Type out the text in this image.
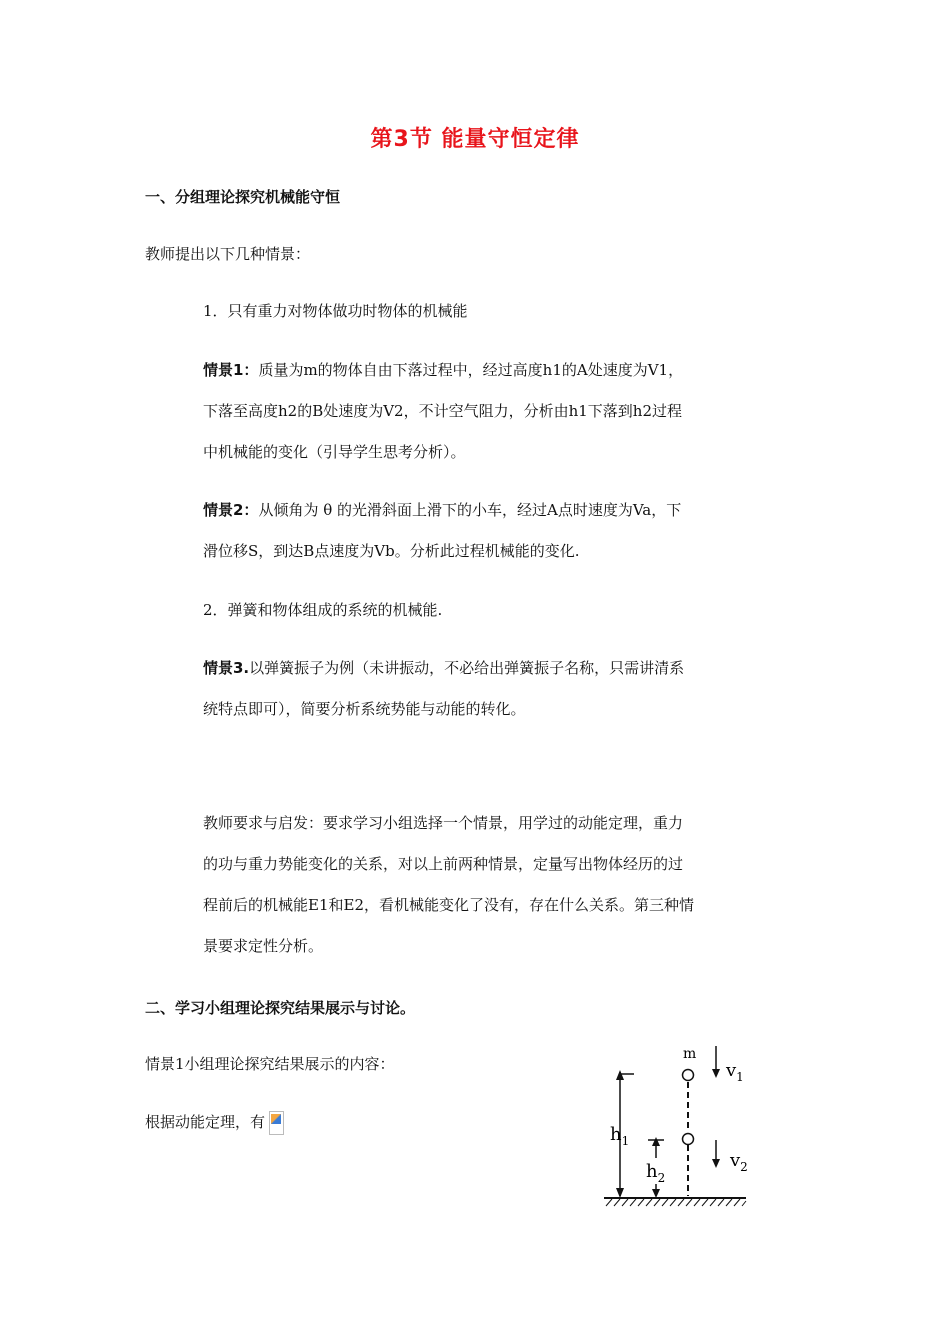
第3节 能量守恒定律
一、分组理论探究机械能守恒
教师提出以下几种情景：
1．只有重力对物体做功时物体的机械能
情景1：质量为m的物体自由下落过程中，经过高度h1的A处速度为V1，
下落至高度h2的B处速度为V2，不计空气阻力，分析由h1下落到h2过程
中机械能的变化（引导学生思考分析）。
情景2：从倾角为 θ 的光滑斜面上滑下的小车，经过A点时速度为Va，下
滑位移S，到达B点速度为Vb。分析此过程机械能的变化.
2．弹簧和物体组成的系统的机械能.
情景3.以弹簧振子为例（未讲振动，不必给出弹簧振子名称，只需讲清系
统特点即可），简要分析系统势能与动能的转化。
教师要求与启发：要求学习小组选择一个情景，用学过的动能定理，重力
的功与重力势能变化的关系，对以上前两种情景，定量写出物体经历的过
程前后的机械能E1和E2，看机械能变化了没有，存在什么关系。第三种情
景要求定性分析。
二、学习小组理论探究结果展示与讨论。
情景1小组理论探究结果展示的内容：
根据动能定理，有
$h_1$
$h_2$
m
$v_1$
$v_2$
